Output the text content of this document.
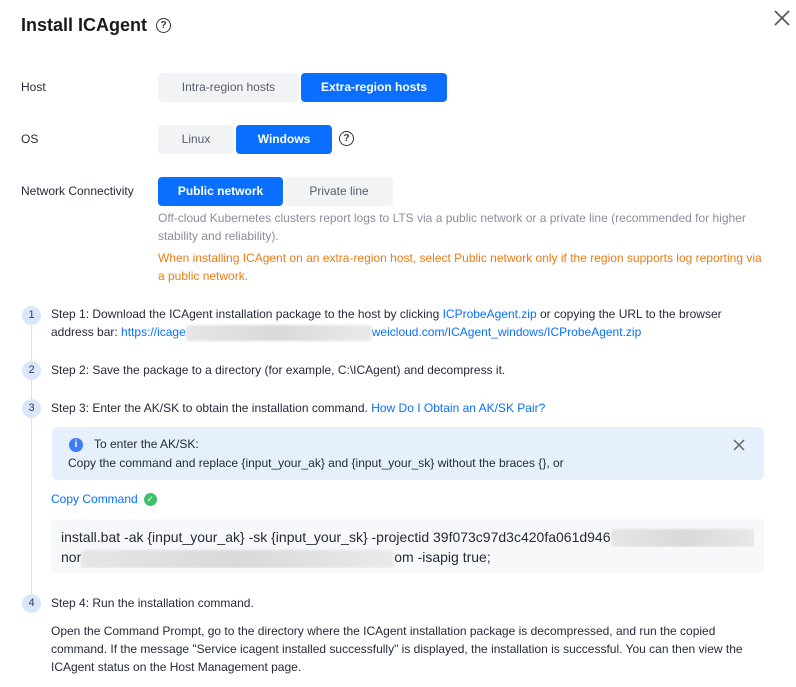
Install ICAgent	?
Host	Intra-region hosts	Extra-region hosts
OS	Linux	Windows	?
Network Connectivity	Public network	Private line
Off-cloud Kubernetes clusters report logs to LTS via a public network or a private line (recommended for higher stability and reliability).
When installing ICAgent on an extra-region host, select Public network only if the region supports log reporting via a public network.
1	Step 1: Download the ICAgent installation package to the host by clicking ICProbeAgent.zip or copying the URL to the browser
address bar: https://icage	weicloud.com/ICAgent_windows/ICProbeAgent.zip
2	Step 2: Save the package to a directory (for example, C:\ICAgent) and decompress it.
3	Step 3: Enter the AK/SK to obtain the installation command. How Do I Obtain an AK/SK Pair?
i	To enter the AK/SK:
Copy the command and replace {input_your_ak} and {input_your_sk} without the braces {}, or
Copy Command ✓
install.bat -ak {input_your_ak} -sk {input_your_sk} -projectid 39f073c97d3c420fa061d946
nor	om -isapig true;
4	Step 4: Run the installation command.
Open the Command Prompt, go to the directory where the ICAgent installation package is decompressed, and run the copied command. If the message "Service icagent installed successfully" is displayed, the installation is successful. You can then view the ICAgent status on the Host Management page.
